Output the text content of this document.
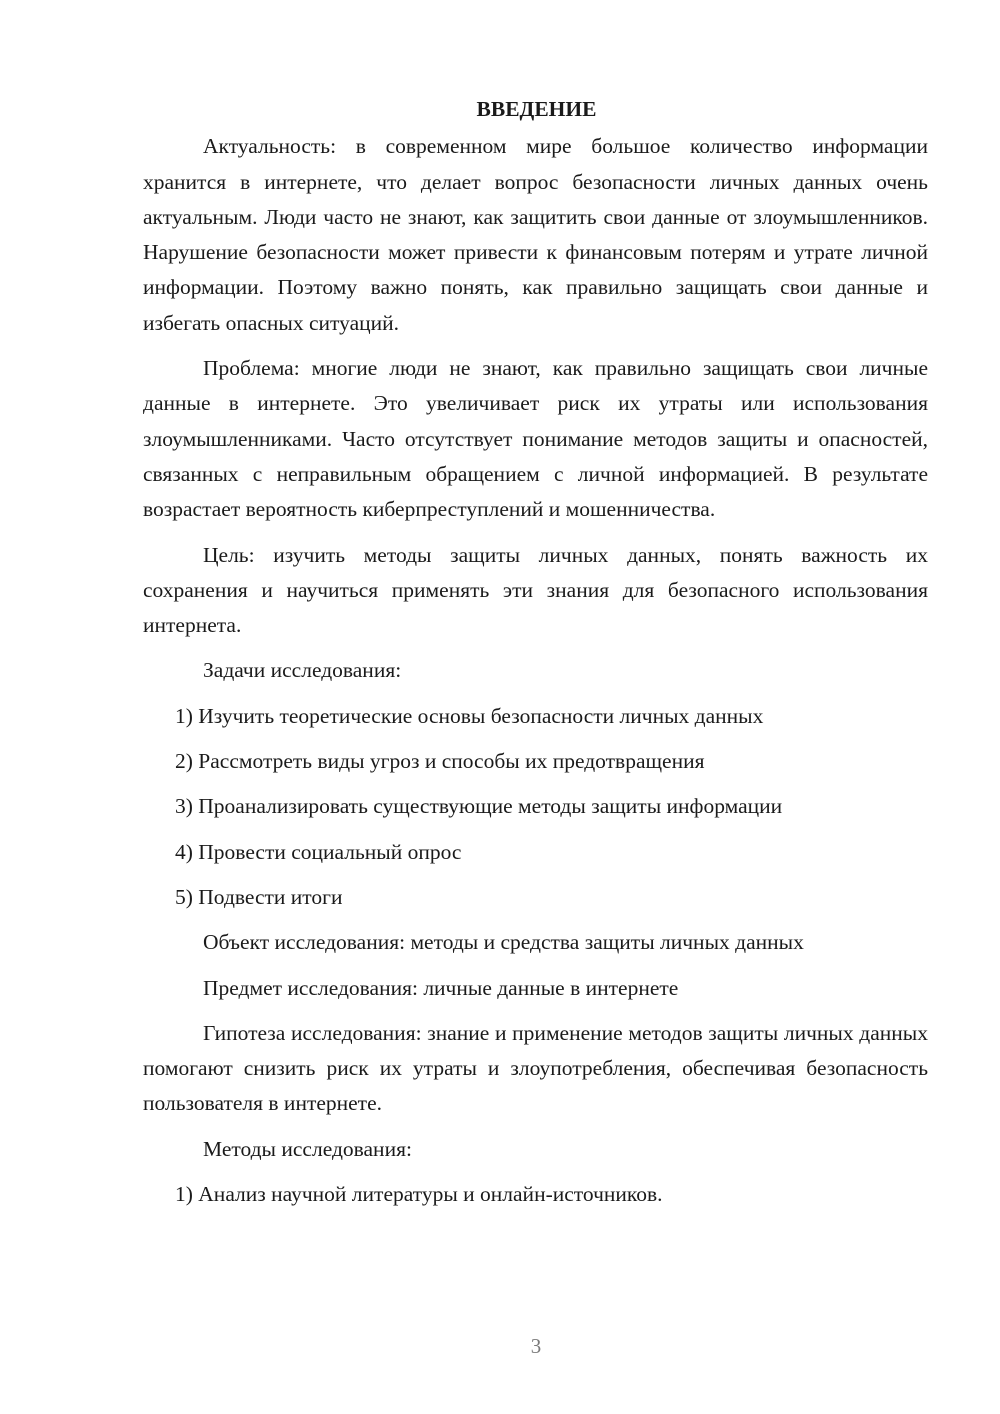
ВВЕДЕНИЕ

Актуальность: в современном мире большое количество информации хранится в интернете, что делает вопрос безопасности личных данных очень актуальным. Люди часто не знают, как защитить свои данные от злоумышленников. Нарушение безопасности может привести к финансовым потерям и утрате личной информации. Поэтому важно понять, как правильно защищать свои данные и избегать опасных ситуаций.

Проблема: многие люди не знают, как правильно защищать свои личные данные в интернете. Это увеличивает риск их утраты или использования злоумышленниками. Часто отсутствует понимание методов защиты и опасностей, связанных с неправильным обращением с личной информацией. В результате возрастает вероятность киберпреступлений и мошенничества.

Цель: изучить методы защиты личных данных, понять важность их сохранения и научиться применять эти знания для безопасного использования интернета.

Задачи исследования:

1) Изучить теоретические основы безопасности личных данных
2) Рассмотреть виды угроз и способы их предотвращения
3) Проанализировать существующие методы защиты информации
4) Провести социальный опрос
5) Подвести итоги

Объект исследования: методы и средства защиты личных данных

Предмет исследования: личные данные в интернете

Гипотеза исследования: знание и применение методов защиты личных данных помогают снизить риск их утраты и злоупотребления, обеспечивая безопасность пользователя в интернете.

Методы исследования:

1) Анализ научной литературы и онлайн-источников.
3
